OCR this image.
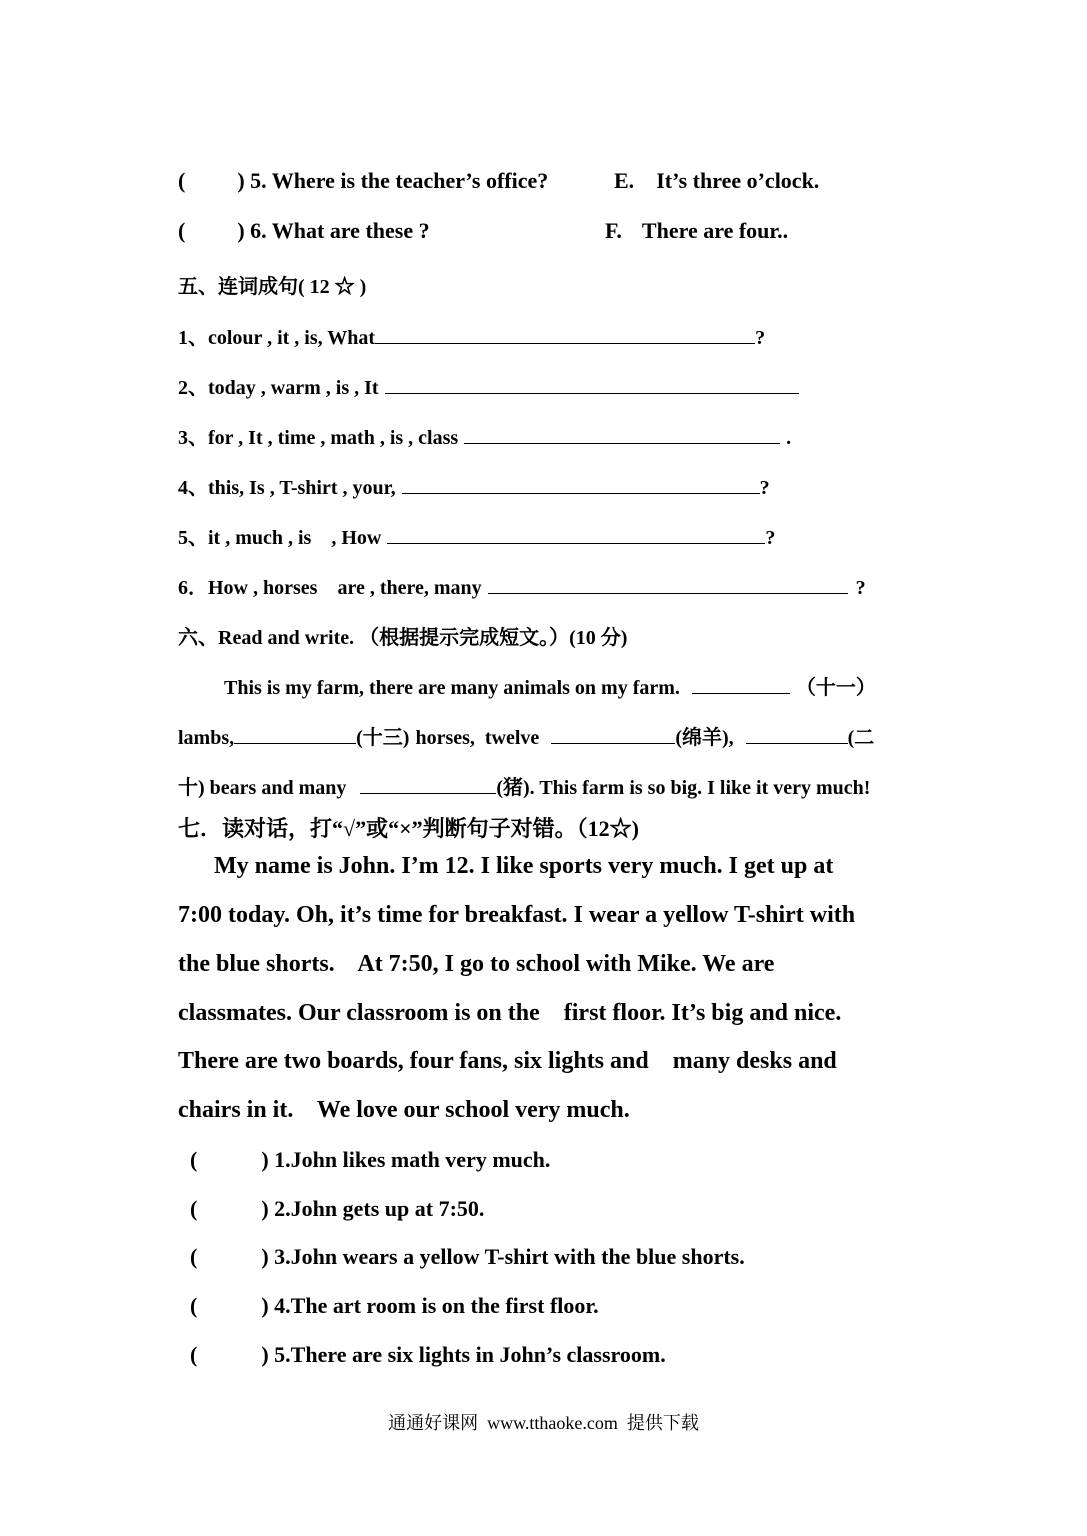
( ) 5. Where is the teacher’s office?	E. It’s three o’clock.
( ) 6. What are these ?	F. There are four..
五、连词成句( 12 ☆ )
1、colour , it , is, What	?
2、today , warm , is , It
3、for , It , time , math , is , class	.
4、this, Is , T-shirt , your,	?
5、it , much , is    , How	?
6．How , horses    are , there, many	?
六、Read and write. （根据提示完成短文。）(10 分)
This is my farm, there are many animals on my farm.	（十一）
lambs,	(十三) horses,  twelve	(绵羊),	(二
十) bears and many	(猪). This farm is so big. I like it very much!
七．读对话，打“√”或“×”判断句子对错。（12☆)
My name is John. I’m 12. I like sports very much. I get up at
7:00 today. Oh, it’s time for breakfast. I wear a yellow T-shirt with
the blue shorts.    At 7:50, I go to school with Mike. We are
classmates. Our classroom is on the    first floor. It’s big and nice.
There are two boards, four fans, six lights and    many desks and
chairs in it.    We love our school very much.
(	) 1.John likes math very much.
(	) 2.John gets up at 7:50.
(	) 3.John wears a yellow T-shirt with the blue shorts.
(	) 4.The art room is on the first floor.
(	) 5.There are six lights in John’s classroom.
通通好课网  www.tthaoke.com  提供下载
